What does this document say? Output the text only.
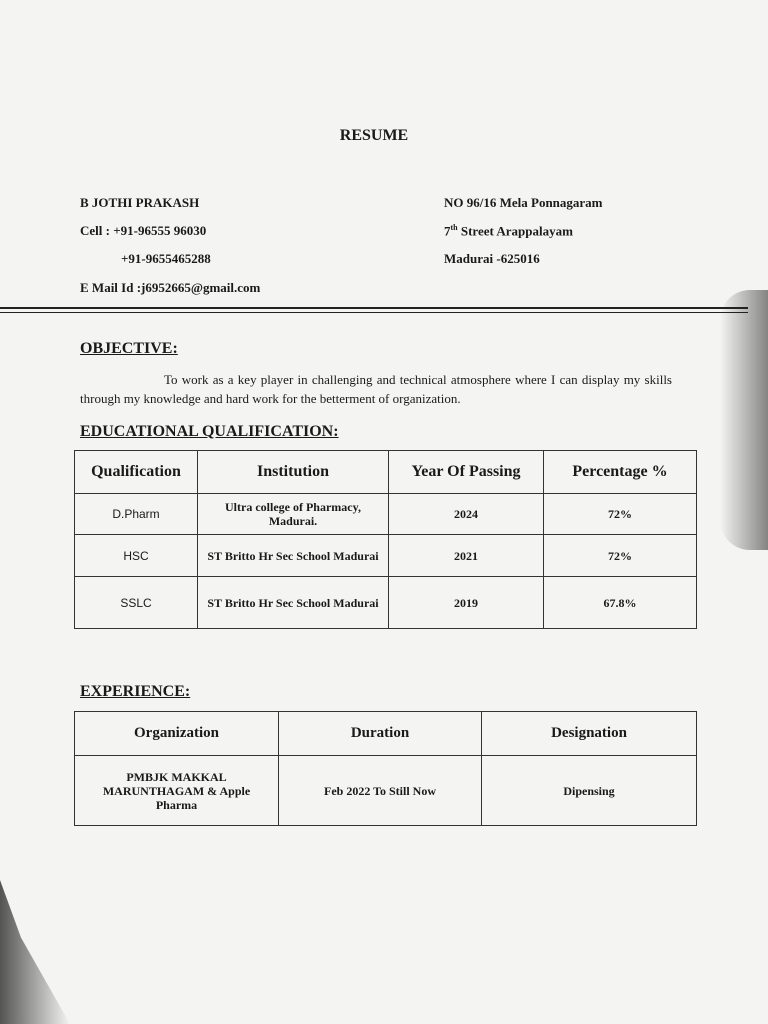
RESUME
B JOTHI PRAKASH
Cell : +91-96555 96030
+91-9655465288
E Mail Id :j6952665@gmail.com
NO 96/16 Mela Ponnagaram
7th Street Arappalayam
Madurai -625016
OBJECTIVE:
To work as a key player in challenging and technical atmosphere where I can display my skills through my knowledge and hard work for the betterment of organization.
EDUCATIONAL QUALIFICATION:
Qualification	Institution	Year Of Passing	Percentage %
D.Pharm	Ultra college of Pharmacy, Madurai.	2024	72%
HSC	ST Britto Hr Sec School Madurai	2021	72%
SSLC	ST Britto Hr Sec School Madurai	2019	67.8%
EXPERIENCE:
Organization	Duration	Designation
PMBJK MAKKAL MARUNTHAGAM & Apple Pharma	Feb 2022 To Still Now	Dipensing
